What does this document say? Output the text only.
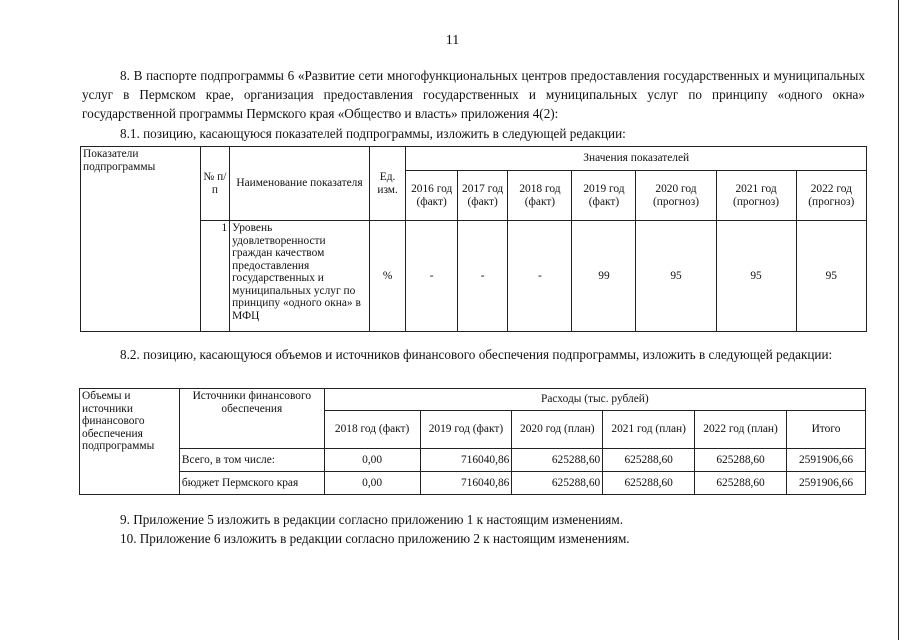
11

8. В паспорте подпрограммы 6 «Развитие сети многофункциональных центров предоставления государственных и муниципальных услуг в Пермском крае, организация предоставления государственных и муниципальных услуг по принципу «одного окна» государственной программы Пермского края «Общество и власть» приложения 4(2):

8.1. позицию, касающуюся показателей подпрограммы, изложить в следующей редакции:

Показатели подпрограммы	№ п/п	Наименование показателя	Ед. изм.	Значения показателей						
				2016 год (факт)	2017 год (факт)	2018 год (факт)	2019 год (факт)	2020 год (прогноз)	2021 год (прогноз)	2022 год (прогноз)
	1	Уровень удовлетворенности граждан качеством предоставления государственных и муниципальных услуг по принципу «одного окна» в МФЦ	%	-	-	-	99	95	95	95

8.2. позицию, касающуюся объемов и источников финансового обеспечения подпрограммы, изложить в следующей редакции:

Объемы и источники финансового обеспечения подпрограммы	Источники финансового обеспечения	Расходы (тыс. рублей)					
		2018 год (факт)	2019 год (факт)	2020 год (план)	2021 год (план)	2022 год (план)	Итого
	Всего, в том числе:	0,00	716040,86	625288,60	625288,60	625288,60	2591906,66
	бюджет Пермского края	0,00	716040,86	625288,60	625288,60	625288,60	2591906,66

9. Приложение 5 изложить в редакции согласно приложению 1 к настоящим изменениям.

10. Приложение 6 изложить в редакции согласно приложению 2 к настоящим изменениям.
